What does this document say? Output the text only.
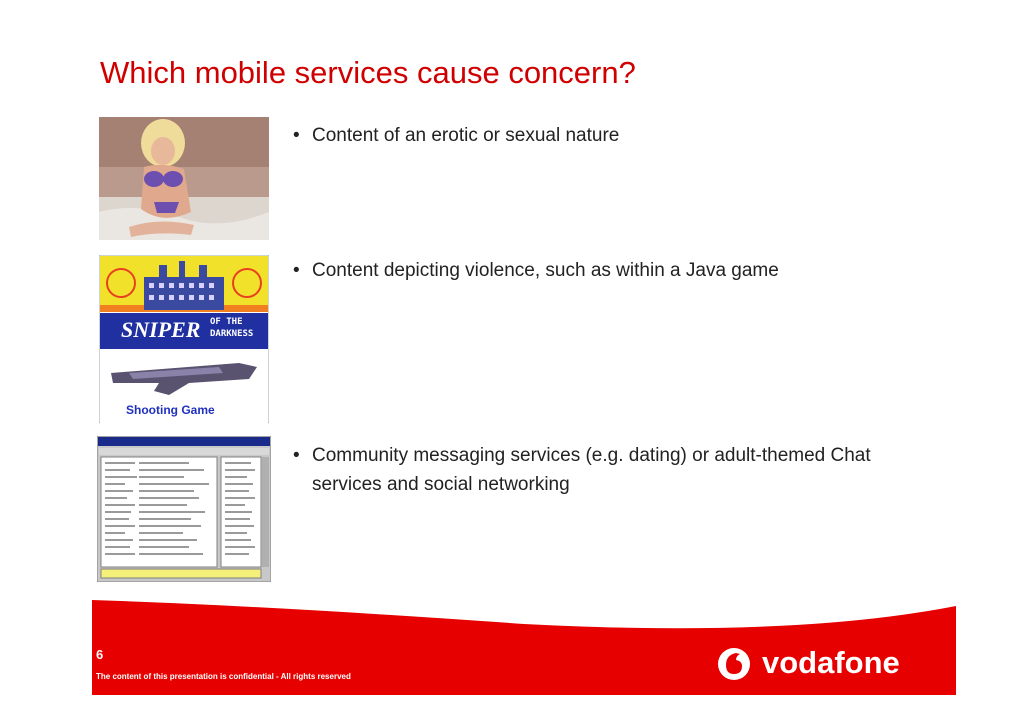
Which mobile services cause concern?
• Content of an erotic or sexual nature
SNIPER OF THE
DARKNESS
Shooting Game
• Content depicting violence, such as within a Java game
• Community messaging services (e.g. dating) or adult-themed Chat services and social networking
6
The content of this presentation is confidential - All rights reserved	vodafone
